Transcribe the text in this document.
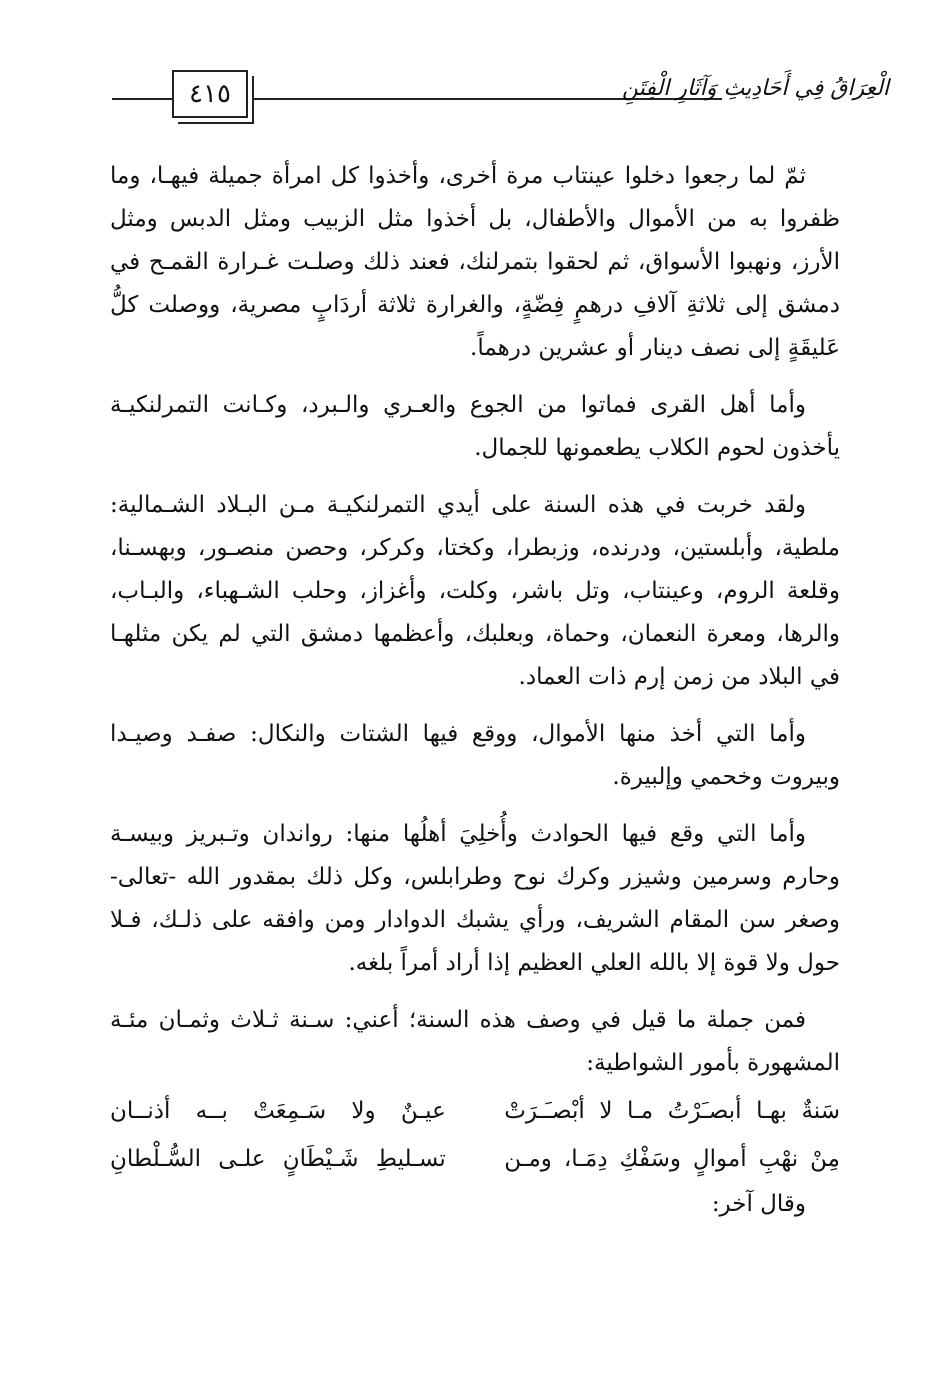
٤١٥	الْعِرَاقُ فِي أَحَادِيثِ وَآثَارِ الْفِتَنِ

ثمّ لما رجعوا دخلوا عينتاب مرة أخرى، وأخذوا كل امرأة جميلة فيهـا، وما ظفروا به من الأموال والأطفال، بل أخذوا مثل الزبيب ومثل الدبس ومثل الأرز، ونهبوا الأسواق، ثم لحقوا بتمرلنك، فعند ذلك وصلـت غـرارة القمـح في دمشق إلى ثلاثةِ آلافِ درهمٍ فِضّةٍ، والغرارة ثلاثة أردَابٍ مصرية، ووصلت كلُّ عَليقَةٍ إلى نصف دينار أو عشرين درهماً.

وأما أهل القرى فماتوا من الجوع والعـري والـبرد، وكـانت التمرلنكيـة يأخذون لحوم الكلاب يطعمونها للجمال.

ولقد خربت في هذه السنة على أيدي التمرلنكيـة مـن البـلاد الشـمالية: ملطية، وأبلستين، ودرنده، وزبطرا، وكختا، وكركر، وحصن منصـور، وبهسـنا، وقلعة الروم، وعينتاب، وتل باشر، وكلت، وأغزاز، وحلب الشـهباء، والبـاب، والرها، ومعرة النعمان، وحماة، وبعلبك، وأعظمها دمشق التي لم يكن مثلهـا في البلاد من زمن إرم ذات العماد.

وأما التي أخذ منها الأموال، ووقع فيها الشتات والنكال: صفـد وصيـدا وبيروت وخحمي وإلبيرة.

وأما التي وقع فيها الحوادث وأُخلِيَ أهلُها منها: رواندان وتـبريز وبيسـة وحارم وسرمين وشيزر وكرك نوح وطرابلس، وكل ذلك بمقدور الله -تعالى- وصغر سن المقام الشريف، ورأي يشبك الدوادار ومن وافقه على ذلـك، فـلا حول ولا قوة إلا بالله العلي العظيم إذا أراد أمراً بلغه.

فمن جملة ما قيل في وصف هذه السنة؛ أعني: سـنة ثـلاث وثمـان مئـة المشهورة بأمور الشواطية:

سَنةٌ بهـا أبصـَرْتُ مـا لا أبْصـَـرَتْ
عيـنٌ ولا سَـمِعَتْ بــه أذنــان
مِنْ نهْبِ أموالٍ وسَفْكِ دِمَـا، ومـن
تسـليطِ شَـيْطَانٍ علـى السُّـلْطانِ

وقال آخر:
